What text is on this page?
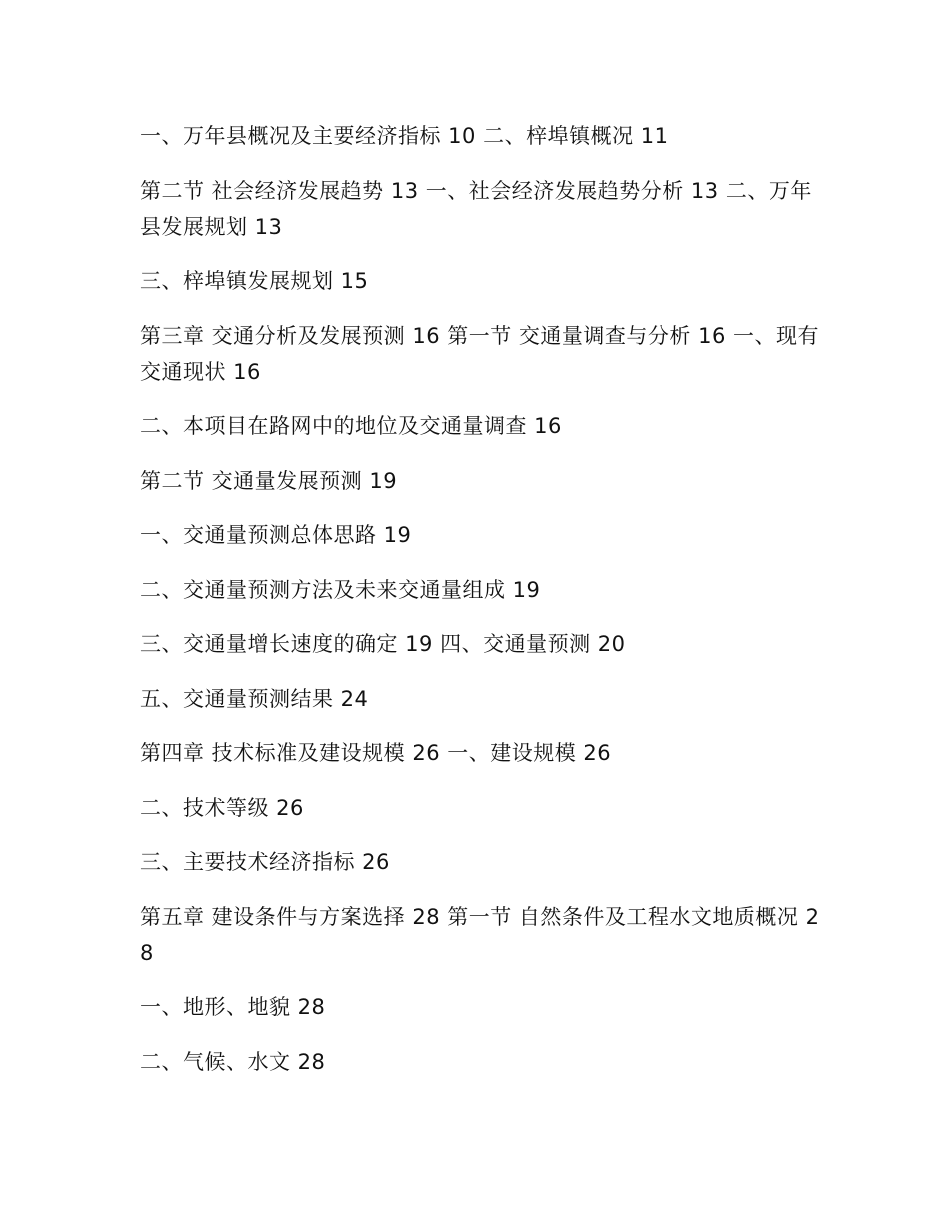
一、万年县概况及主要经济指标 10 二、梓埠镇概况 11

第二节 社会经济发展趋势 13 一、社会经济发展趋势分析 13 二、万年县发展规划 13

三、梓埠镇发展规划 15

第三章 交通分析及发展预测 16 第一节 交通量调查与分析 16 一、现有交通现状 16

二、本项目在路网中的地位及交通量调查 16

第二节 交通量发展预测 19

一、交通量预测总体思路 19

二、交通量预测方法及未来交通量组成 19

三、交通量增长速度的确定 19 四、交通量预测 20

五、交通量预测结果 24

第四章 技术标准及建设规模 26 一、建设规模 26

二、技术等级 26

三、主要技术经济指标 26

第五章 建设条件与方案选择 28 第一节 自然条件及工程水文地质概况 28

一、地形、地貌 28

二、气候、水文 28
